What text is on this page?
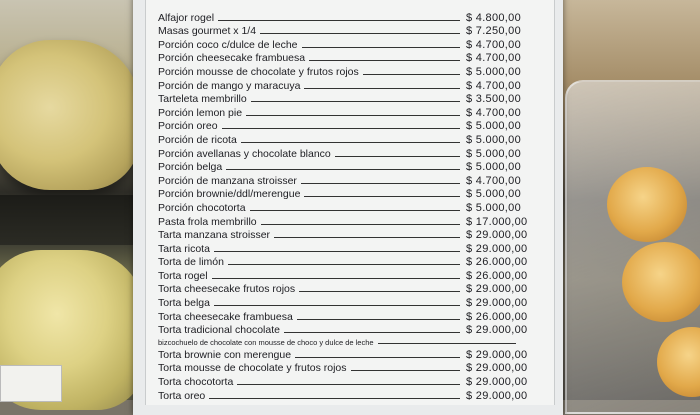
Alfajor rogel	$ 4.800,00
Masas gourmet x 1/4	$ 7.250,00
Porción coco c/dulce de leche	$ 4.700,00
Porción cheesecake frambuesa	$ 4.700,00
Porción mousse de chocolate y frutos rojos	$ 5.000,00
Porción de mango y maracuya	$ 4.700,00
Tarteleta membrillo	$ 3.500,00
Porción lemon pie	$ 4.700,00
Porción oreo	$ 5.000,00
Porción de ricota	$ 5.000,00
Porción avellanas y chocolate blanco	$ 5.000,00
Porción belga	$ 5.000,00
Porción de manzana stroisser	$ 4.700,00
Porción brownie/ddl/merengue	$ 5.000,00
Porción chocotorta	$ 5.000,00
Pasta frola membrillo	$ 17.000,00
Tarta manzana stroisser	$ 29.000,00
Tarta ricota	$ 29.000,00
Torta de limón	$ 26.000,00
Torta rogel	$ 26.000,00
Torta cheesecake frutos rojos	$ 29.000,00
Torta belga	$ 29.000,00
Torta cheesecake frambuesa	$ 26.000,00
Torta tradicional chocolate	$ 29.000,00
bizcochuelo de chocolate con mousse de choco y dulce de leche
Torta brownie con merengue	$ 29.000,00
Torta mousse de chocolate y frutos rojos	$ 29.000,00
Torta chocotorta	$ 29.000,00
Torta oreo	$ 29.000,00
